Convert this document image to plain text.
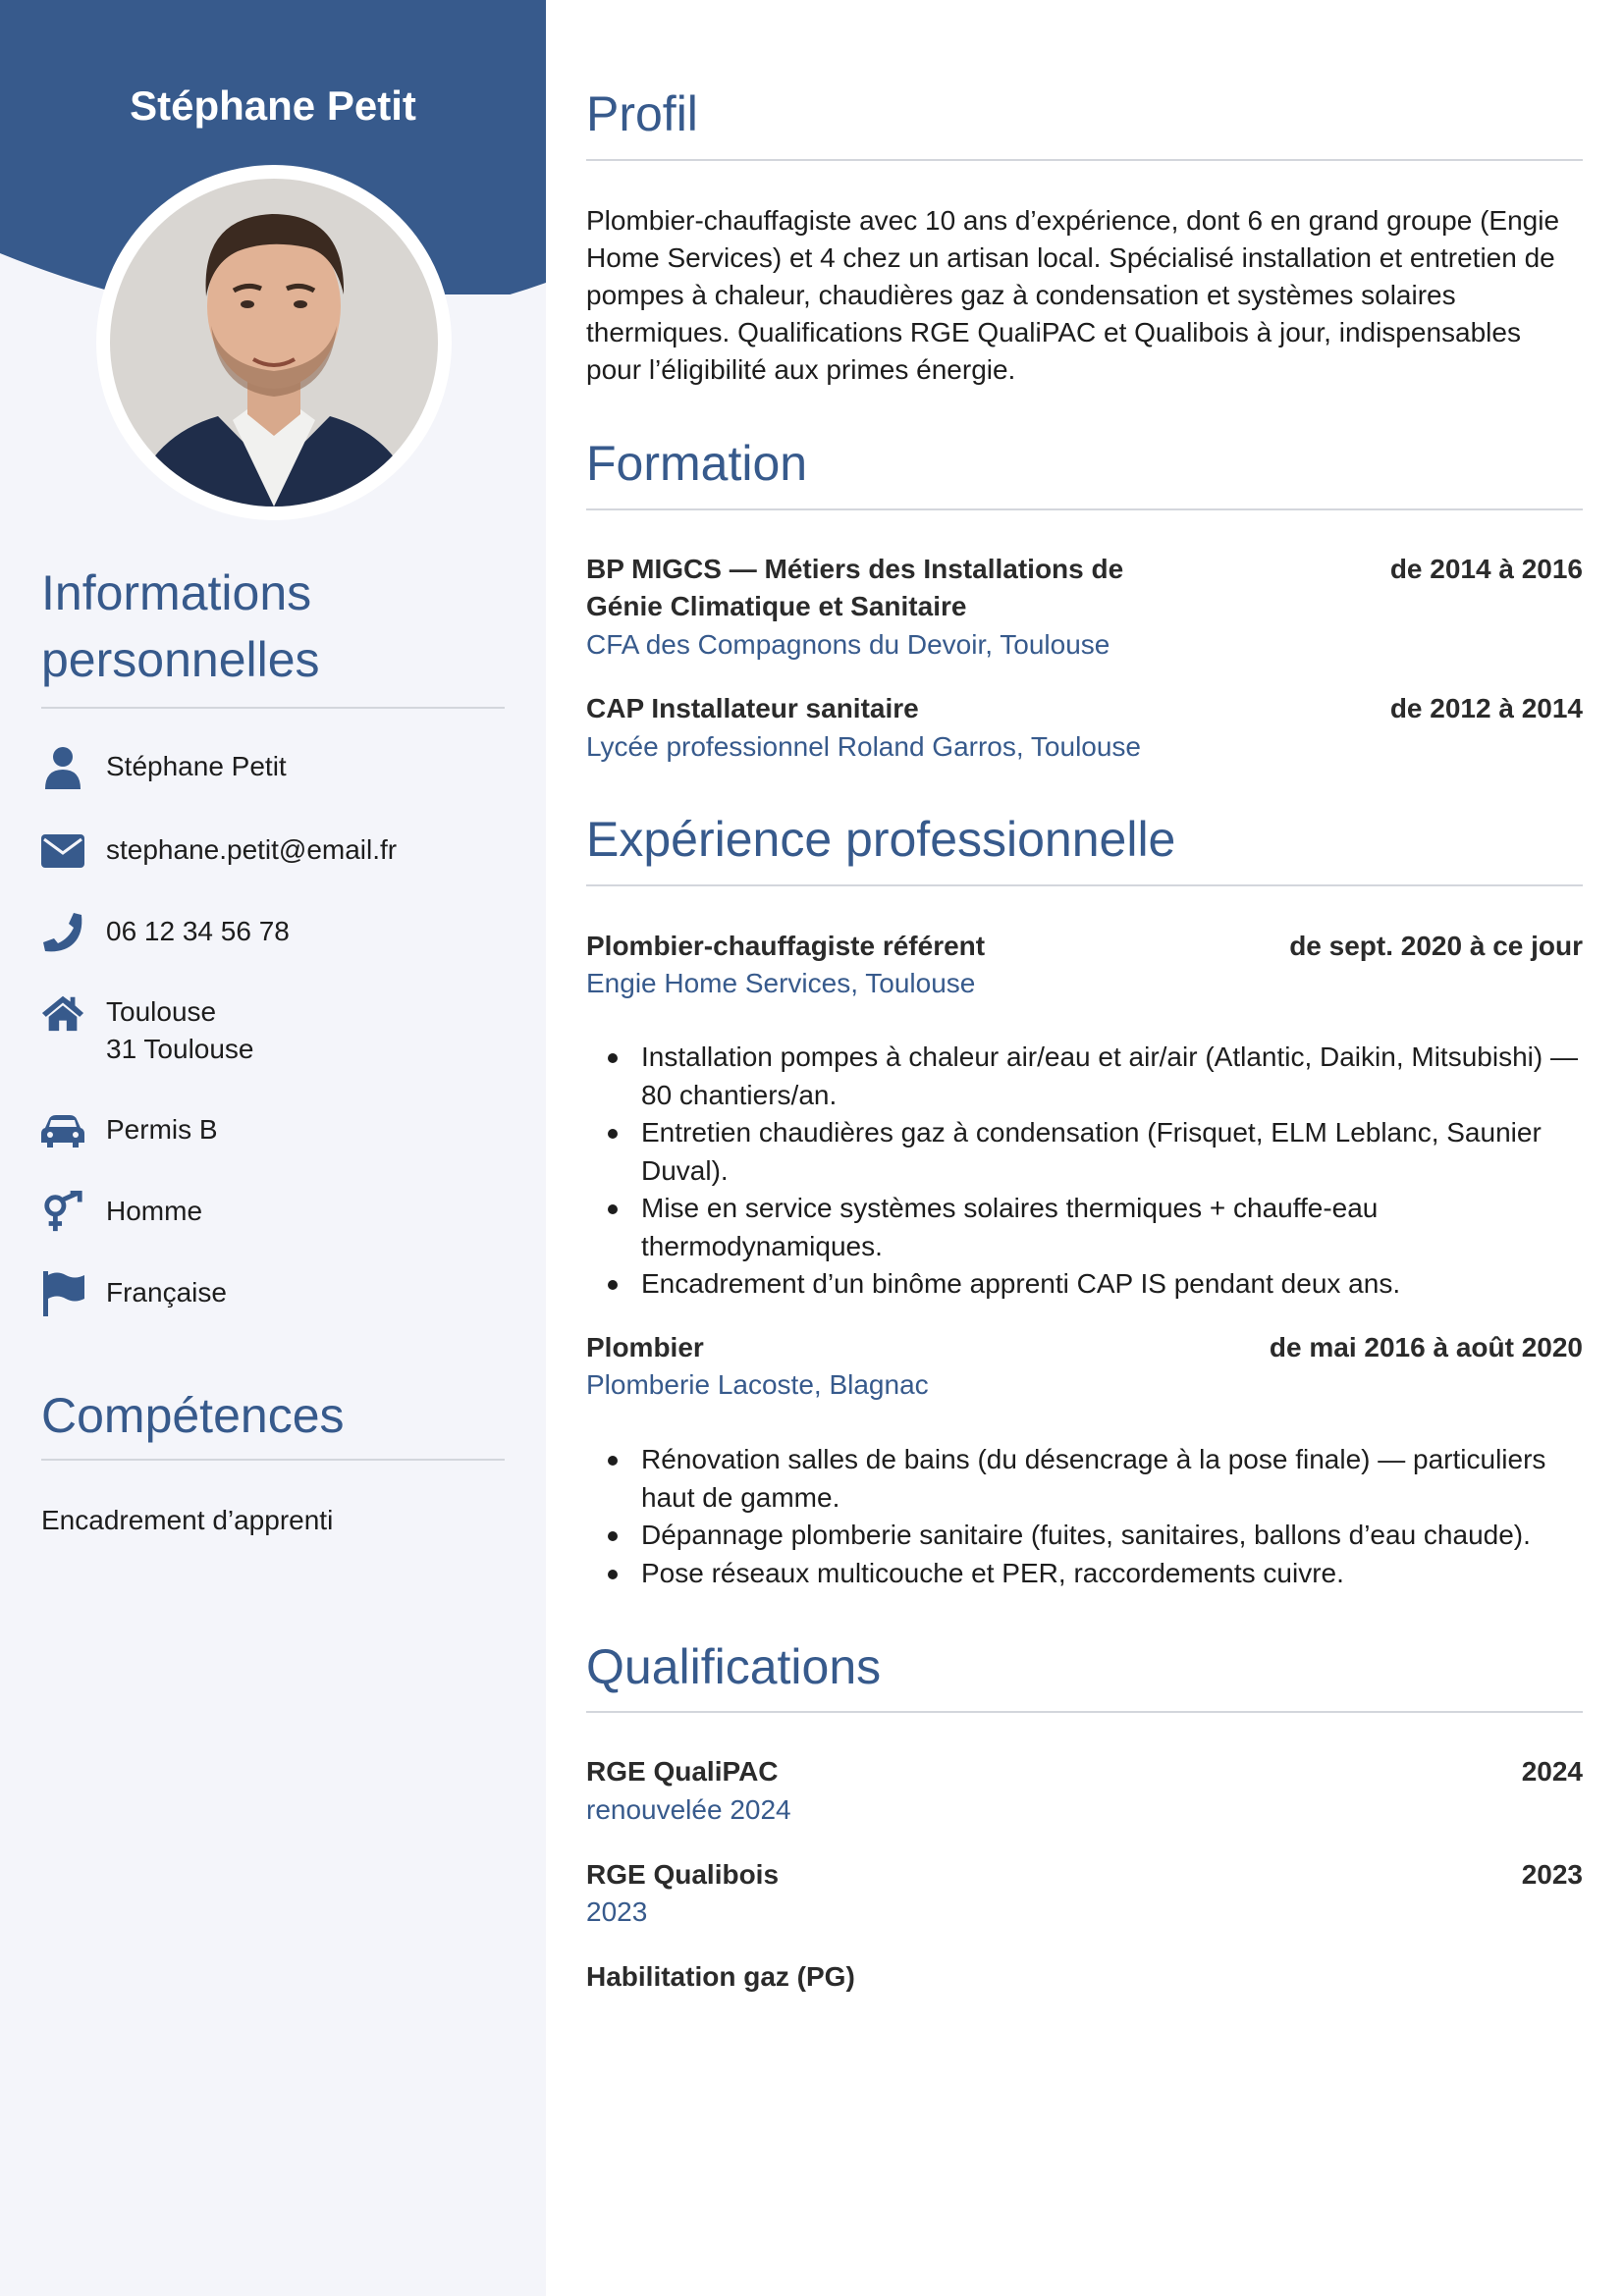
Stéphane Petit
Informations
personnelles
Stéphane Petit
stephane.petit@email.fr
06 12 34 56 78
Toulouse
31 Toulouse
Permis B
Homme
Française
Compétences
Encadrement d’apprenti
Profil
Plombier-chauffagiste avec 10 ans d’expérience, dont 6 en grand groupe (Engie Home Services) et 4 chez un artisan local. Spécialisé installation et entretien de pompes à chaleur, chaudières gaz à condensation et systèmes solaires thermiques. Qualifications RGE QualiPAC et Qualibois à jour, indispensables pour l’éligibilité aux primes énergie.
Formation
BP MIGCS — Métiers des Installations de
Génie Climatique et Sanitaire
de 2014 à 2016
CFA des Compagnons du Devoir, Toulouse
CAP Installateur sanitaire	de 2012 à 2014
Lycée professionnel Roland Garros, Toulouse
Expérience professionnelle
Plombier-chauffagiste référent	de sept. 2020 à ce jour
Engie Home Services, Toulouse
Installation pompes à chaleur air/eau et air/air (Atlantic, Daikin, Mitsubishi) — 80 chantiers/an.
Entretien chaudières gaz à condensation (Frisquet, ELM Leblanc, Saunier Duval).
Mise en service systèmes solaires thermiques + chauffe-eau thermodynamiques.
Encadrement d’un binôme apprenti CAP IS pendant deux ans.
Plombier	de mai 2016 à août 2020
Plomberie Lacoste, Blagnac
Rénovation salles de bains (du désencrage à la pose finale) — particuliers haut de gamme.
Dépannage plomberie sanitaire (fuites, sanitaires, ballons d’eau chaude).
Pose réseaux multicouche et PER, raccordements cuivre.
Qualifications
RGE QualiPAC	2024
renouvelée 2024
RGE Qualibois	2023
2023
Habilitation gaz (PG)
